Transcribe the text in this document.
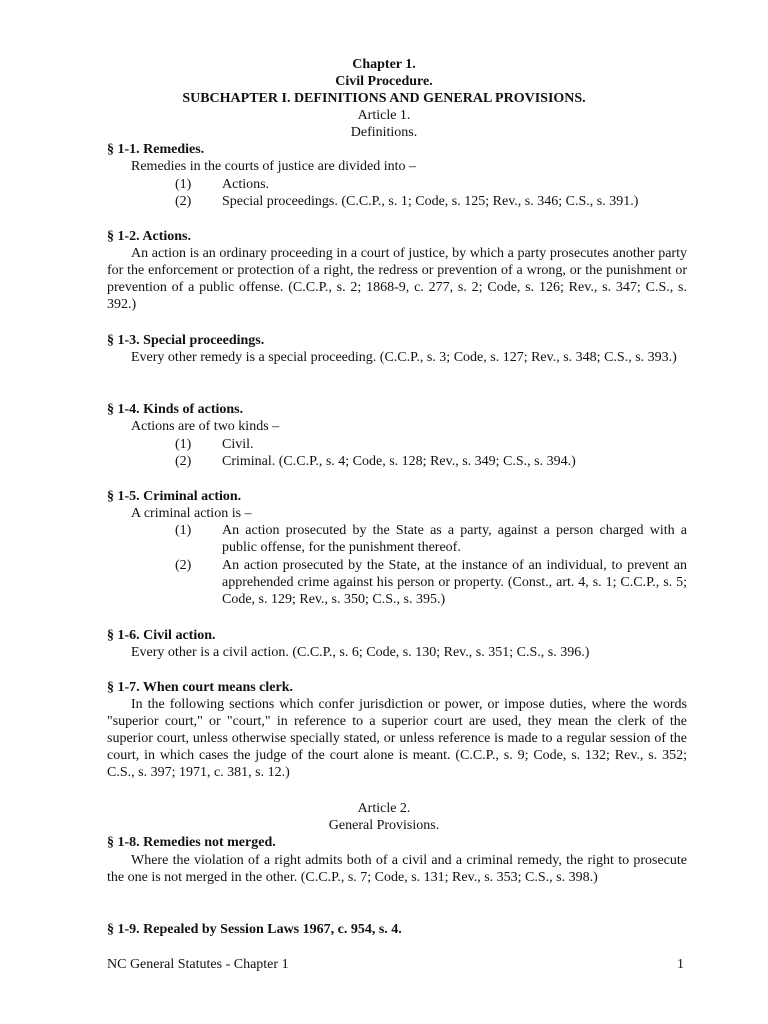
Chapter 1.
Civil Procedure.
SUBCHAPTER I. DEFINITIONS AND GENERAL PROVISIONS.
Article 1.
Definitions.
§ 1-1. Remedies.
Remedies in the courts of justice are divided into –
(1) Actions.
(2) Special proceedings. (C.C.P., s. 1; Code, s. 125; Rev., s. 346; C.S., s. 391.)
§ 1-2. Actions.
An action is an ordinary proceeding in a court of justice, by which a party prosecutes another party for the enforcement or protection of a right, the redress or prevention of a wrong, or the punishment or prevention of a public offense. (C.C.P., s. 2; 1868-9, c. 277, s. 2; Code, s. 126; Rev., s. 347; C.S., s. 392.)
§ 1-3. Special proceedings.
Every other remedy is a special proceeding. (C.C.P., s. 3; Code, s. 127; Rev., s. 348; C.S., s. 393.)
§ 1-4. Kinds of actions.
Actions are of two kinds –
(1) Civil.
(2) Criminal. (C.C.P., s. 4; Code, s. 128; Rev., s. 349; C.S., s. 394.)
§ 1-5. Criminal action.
A criminal action is –
(1) An action prosecuted by the State as a party, against a person charged with a public offense, for the punishment thereof.
(2) An action prosecuted by the State, at the instance of an individual, to prevent an apprehended crime against his person or property. (Const., art. 4, s. 1; C.C.P., s. 5; Code, s. 129; Rev., s. 350; C.S., s. 395.)
§ 1-6. Civil action.
Every other is a civil action. (C.C.P., s. 6; Code, s. 130; Rev., s. 351; C.S., s. 396.)
§ 1-7. When court means clerk.
In the following sections which confer jurisdiction or power, or impose duties, where the words "superior court," or "court," in reference to a superior court are used, they mean the clerk of the superior court, unless otherwise specially stated, or unless reference is made to a regular session of the court, in which cases the judge of the court alone is meant. (C.C.P., s. 9; Code, s. 132; Rev., s. 352; C.S., s. 397; 1971, c. 381, s. 12.)
Article 2.
General Provisions.
§ 1-8. Remedies not merged.
Where the violation of a right admits both of a civil and a criminal remedy, the right to prosecute the one is not merged in the other. (C.C.P., s. 7; Code, s. 131; Rev., s. 353; C.S., s. 398.)
§ 1-9. Repealed by Session Laws 1967, c. 954, s. 4.
NC General Statutes - Chapter 1	1
